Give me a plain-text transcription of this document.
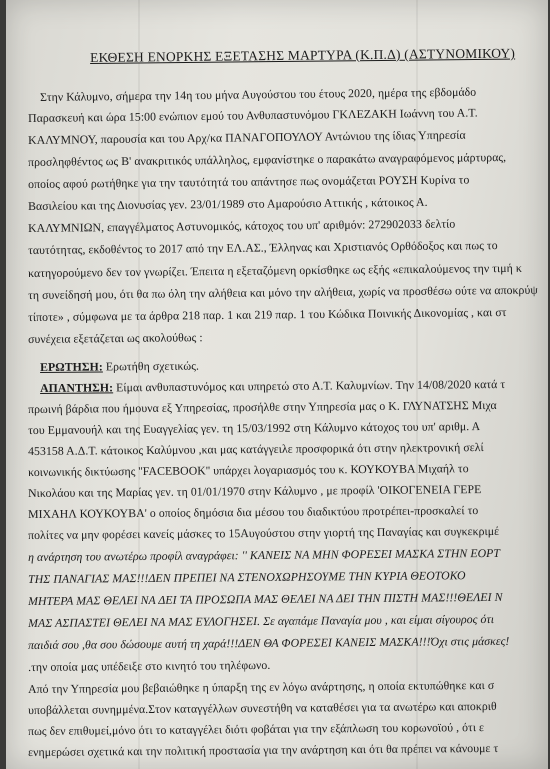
ΕΚΘΕΣΗ ΕΝΟΡΚΗΣ ΕΞΕΤΑΣΗΣ ΜΑΡΤΥΡΑ (Κ.Π.Δ) (ΑΣΤΥΝΟΜΙΚΟΥ)
Στην Κάλυμνο, σήμερα την 14η του μήνα Αυγούστου του έτους 2020, ημέρα της εβδομάδο
Παρασκευή και ώρα 15:00 ενώπιον εμού του Ανθυπαστυνόμου ΓΚΛΕΖΑΚΗ Ιωάννη του Α.Τ.
ΚΑΛΥΜΝΟΥ, παρουσία και του Αρχ/κα ΠΑΝΑΓΟΠΟΥΛΟΥ Αντώνιου της ίδιας Υπηρεσία
προσληφθέντος ως Β' ανακριτικός υπάλληλος, εμφανίστηκε ο παρακάτω αναγραφόμενος μάρτυρας,
οποίος αφού ρωτήθηκε για την ταυτότητά του απάντησε πως ονομάζεται ΡΟΥΣΗ Κυρίνα το
Βασιλείου και της Διονυσίας γεν. 23/01/1989 στο Αμαρούσιο Αττικής , κάτοικος Α.
ΚΑΛΥΜΝΙΩΝ, επαγγέλματος Αστυνομικός, κάτοχος του υπ' αριθμόν: 272902033 δελτίο
ταυτότητας, εκδοθέντος το 2017 από την ΕΛ.ΑΣ., Έλληνας και Χριστιανός Ορθόδοξος και πως το
κατηγορούμενο δεν τον γνωρίζει. Έπειτα η εξεταζόμενη ορκίσθηκε ως εξής «επικαλούμενος την τιμή κ
τη συνείδησή μου, ότι θα πω όλη την αλήθεια και μόνο την αλήθεια, χωρίς να προσθέσω ούτε να αποκρύψ
τίποτε» , σύμφωνα με τα άρθρα 218 παρ. 1 και 219 παρ. 1 του Κώδικα Ποινικής Δικονομίας , και στ
συνέχεια εξετάζεται ως ακολούθως :
ΕΡΩΤΗΣΗ: Ερωτήθη σχετικώς.
ΑΠΑΝΤΗΣΗ: Είμαι ανθυπαστυνόμος και υπηρετώ στο Α.Τ. Καλυμνίων. Την 14/08/2020 κατά τ
πρωινή βάρδια που ήμουνα εξ Υπηρεσίας, προσήλθε στην Υπηρεσία μας ο Κ. ΓΛΥΝΑΤΣΗΣ Μιχα
του Εμμανουήλ και της Ευαγγελίας γεν. τη 15/03/1992 στη Κάλυμνο κάτοχος του υπ' αριθμ. Α
453158 Α.Δ.Τ. κάτοικος Καλύμνου ,και μας κατάγγειλε προσφορικά ότι στην ηλεκτρονική σελί
κοινωνικής δικτύωσης ''FACEBOOK'' υπάρχει λογαριασμός του κ. ΚΟΥΚΟΥΒΑ Μιχαήλ το
Νικολάου και της Μαρίας γεν. τη 01/01/1970 στην Κάλυμνο , με προφίλ 'ΟΙΚΟΓΕΝΕΙΑ ΓΕΡΕ
ΜΙΧΑΗΛ ΚΟΥΚΟΥΒΑ' ο οποίος δημόσια δια μέσου του διαδικτύου προτρέπει-προσκαλεί το
πολίτες να μην φορέσει κανείς μάσκες το 15Αυγούστου στην γιορτή της Παναγίας και συγκεκριμέ
η ανάρτηση του ανωτέρω προφίλ αναγράφει: '' ΚΑΝΕΙΣ ΝΑ ΜΗΝ ΦΟΡΕΣΕΙ ΜΑΣΚΑ ΣΤΗΝ ΕΟΡΤ
ΤΗΣ ΠΑΝΑΓΙΑΣ ΜΑΣ!!!ΔΕΝ ΠΡΕΠΕΙ ΝΑ ΣΤΕΝΟΧΩΡΗΣΟΥΜΕ ΤΗΝ ΚΥΡΙΑ ΘΕΟΤΟΚΟ
ΜΗΤΕΡΑ ΜΑΣ ΘΕΛΕΙ ΝΑ ΔΕΙ ΤΑ ΠΡΟΣΩΠΑ ΜΑΣ ΘΕΛΕΙ ΝΑ ΔΕΙ ΤΗΝ ΠΙΣΤΗ ΜΑΣ!!!ΘΕΛΕΙ Ν
ΜΑΣ ΑΣΠΑΣΤΕΙ ΘΕΛΕΙ ΝΑ ΜΑΣ ΕΥΛΟΓΗΣΕΙ. Σε αγαπάμε Παναγία μου , και είμαι σίγουρος ότι
παιδιά σου ,θα σου δώσουμε αυτή τη χαρά!!!ΔΕΝ ΘΑ ΦΟΡΕΣΕΙ ΚΑΝΕΙΣ ΜΑΣΚΑ!!!Όχι στις μάσκες!
.την οποία μας υπέδειξε στο κινητό του τηλέφωνο.
Από την Υπηρεσία μου βεβαιώθηκε η ύπαρξη της εν λόγω ανάρτησης, η οποία εκτυπώθηκε και σ
υποβάλλεται συνημμένα.Στον καταγγέλλων συνεστήθη να καταθέσει για τα ανωτέρω και αποκριθ
πως δεν επιθυμεί,μόνο ότι το καταγγέλει διότι φοβάται για την εξάπλωση του κορωνοϊού , ότι ε
ενημερώσει σχετικά και την πολιτική προστασία για την ανάρτηση και ότι θα πρέπει να κάνουμε τ
